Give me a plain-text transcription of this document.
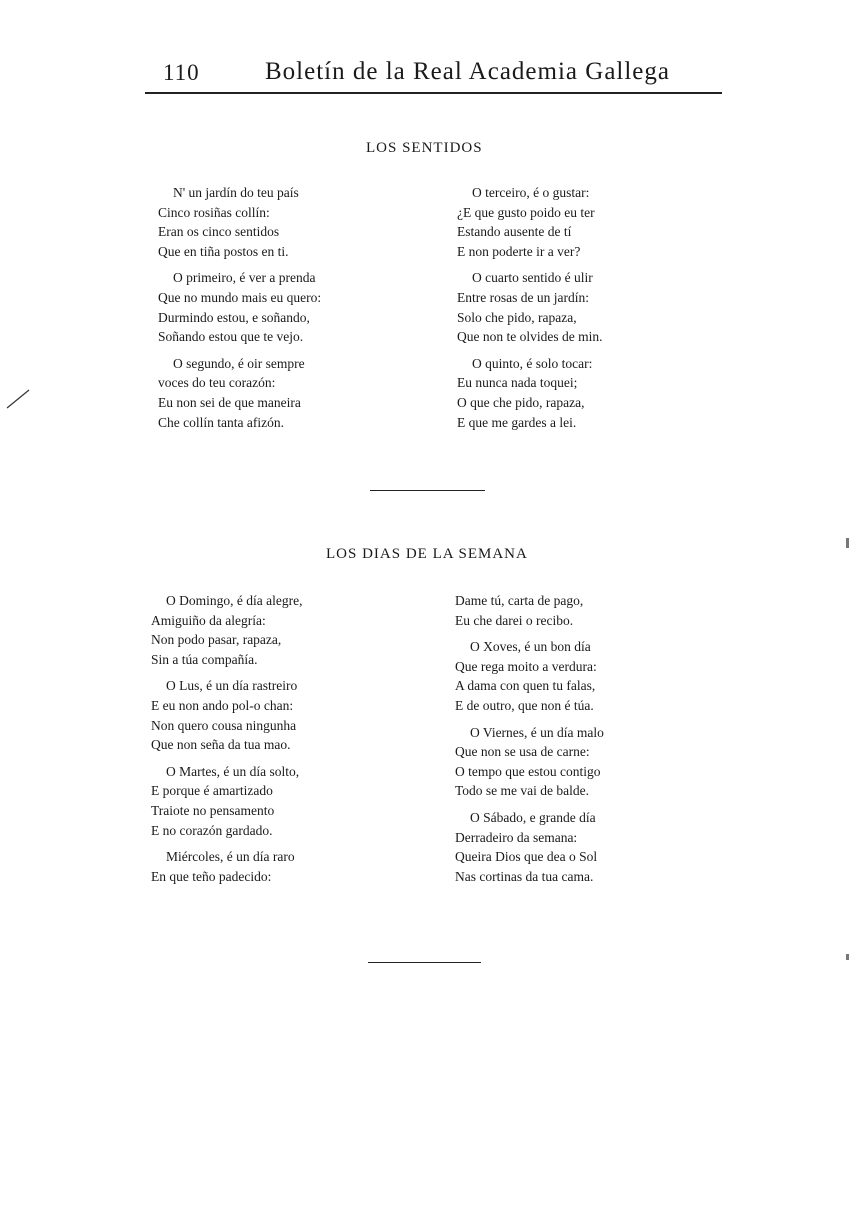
110	Boletín de la Real Academia Gallega
LOS SENTIDOS
N' un jardín do teu país
Cinco rosiñas collín:
Eran os cinco sentidos
Que en tiña postos en ti.
O primeiro, é ver a prenda
Que no mundo mais eu quero:
Durmindo estou, e soñando,
Soñando estou que te vejo.
O segundo, é oir sempre
voces do teu corazón:
Eu non sei de que maneira
Che collín tanta afizón.
O terceiro, é o gustar:
¿E que gusto poido eu ter
Estando ausente de tí
E non poderte ir a ver?
O cuarto sentido é ulir
Entre rosas de un jardín:
Solo che pido, rapaza,
Que non te olvides de min.
O quinto, é solo tocar:
Eu nunca nada toquei;
O que che pido, rapaza,
E que me gardes a lei.
LOS DIAS DE LA SEMANA
O Domingo, é día alegre,
Amiguiño da alegría:
Non podo pasar, rapaza,
Sin a túa compañía.
O Lus, é un día rastreiro
E eu non ando pol-o chan:
Non quero cousa ningunha
Que non seña da tua mao.
O Martes, é un día solto,
E porque é amartizado
Traiote no pensamento
E no corazón gardado.
Miércoles, é un día raro
En que teño padecido:
Dame tú, carta de pago,
Eu che darei o recibo.
O Xoves, é un bon día
Que rega moito a verdura:
A dama con quen tu falas,
E de outro, que non é túa.
O Viernes, é un día malo
Que non se usa de carne:
O tempo que estou contigo
Todo se me vai de balde.
O Sábado, e grande día
Derradeiro da semana:
Queira Dios que dea o Sol
Nas cortinas da tua cama.
